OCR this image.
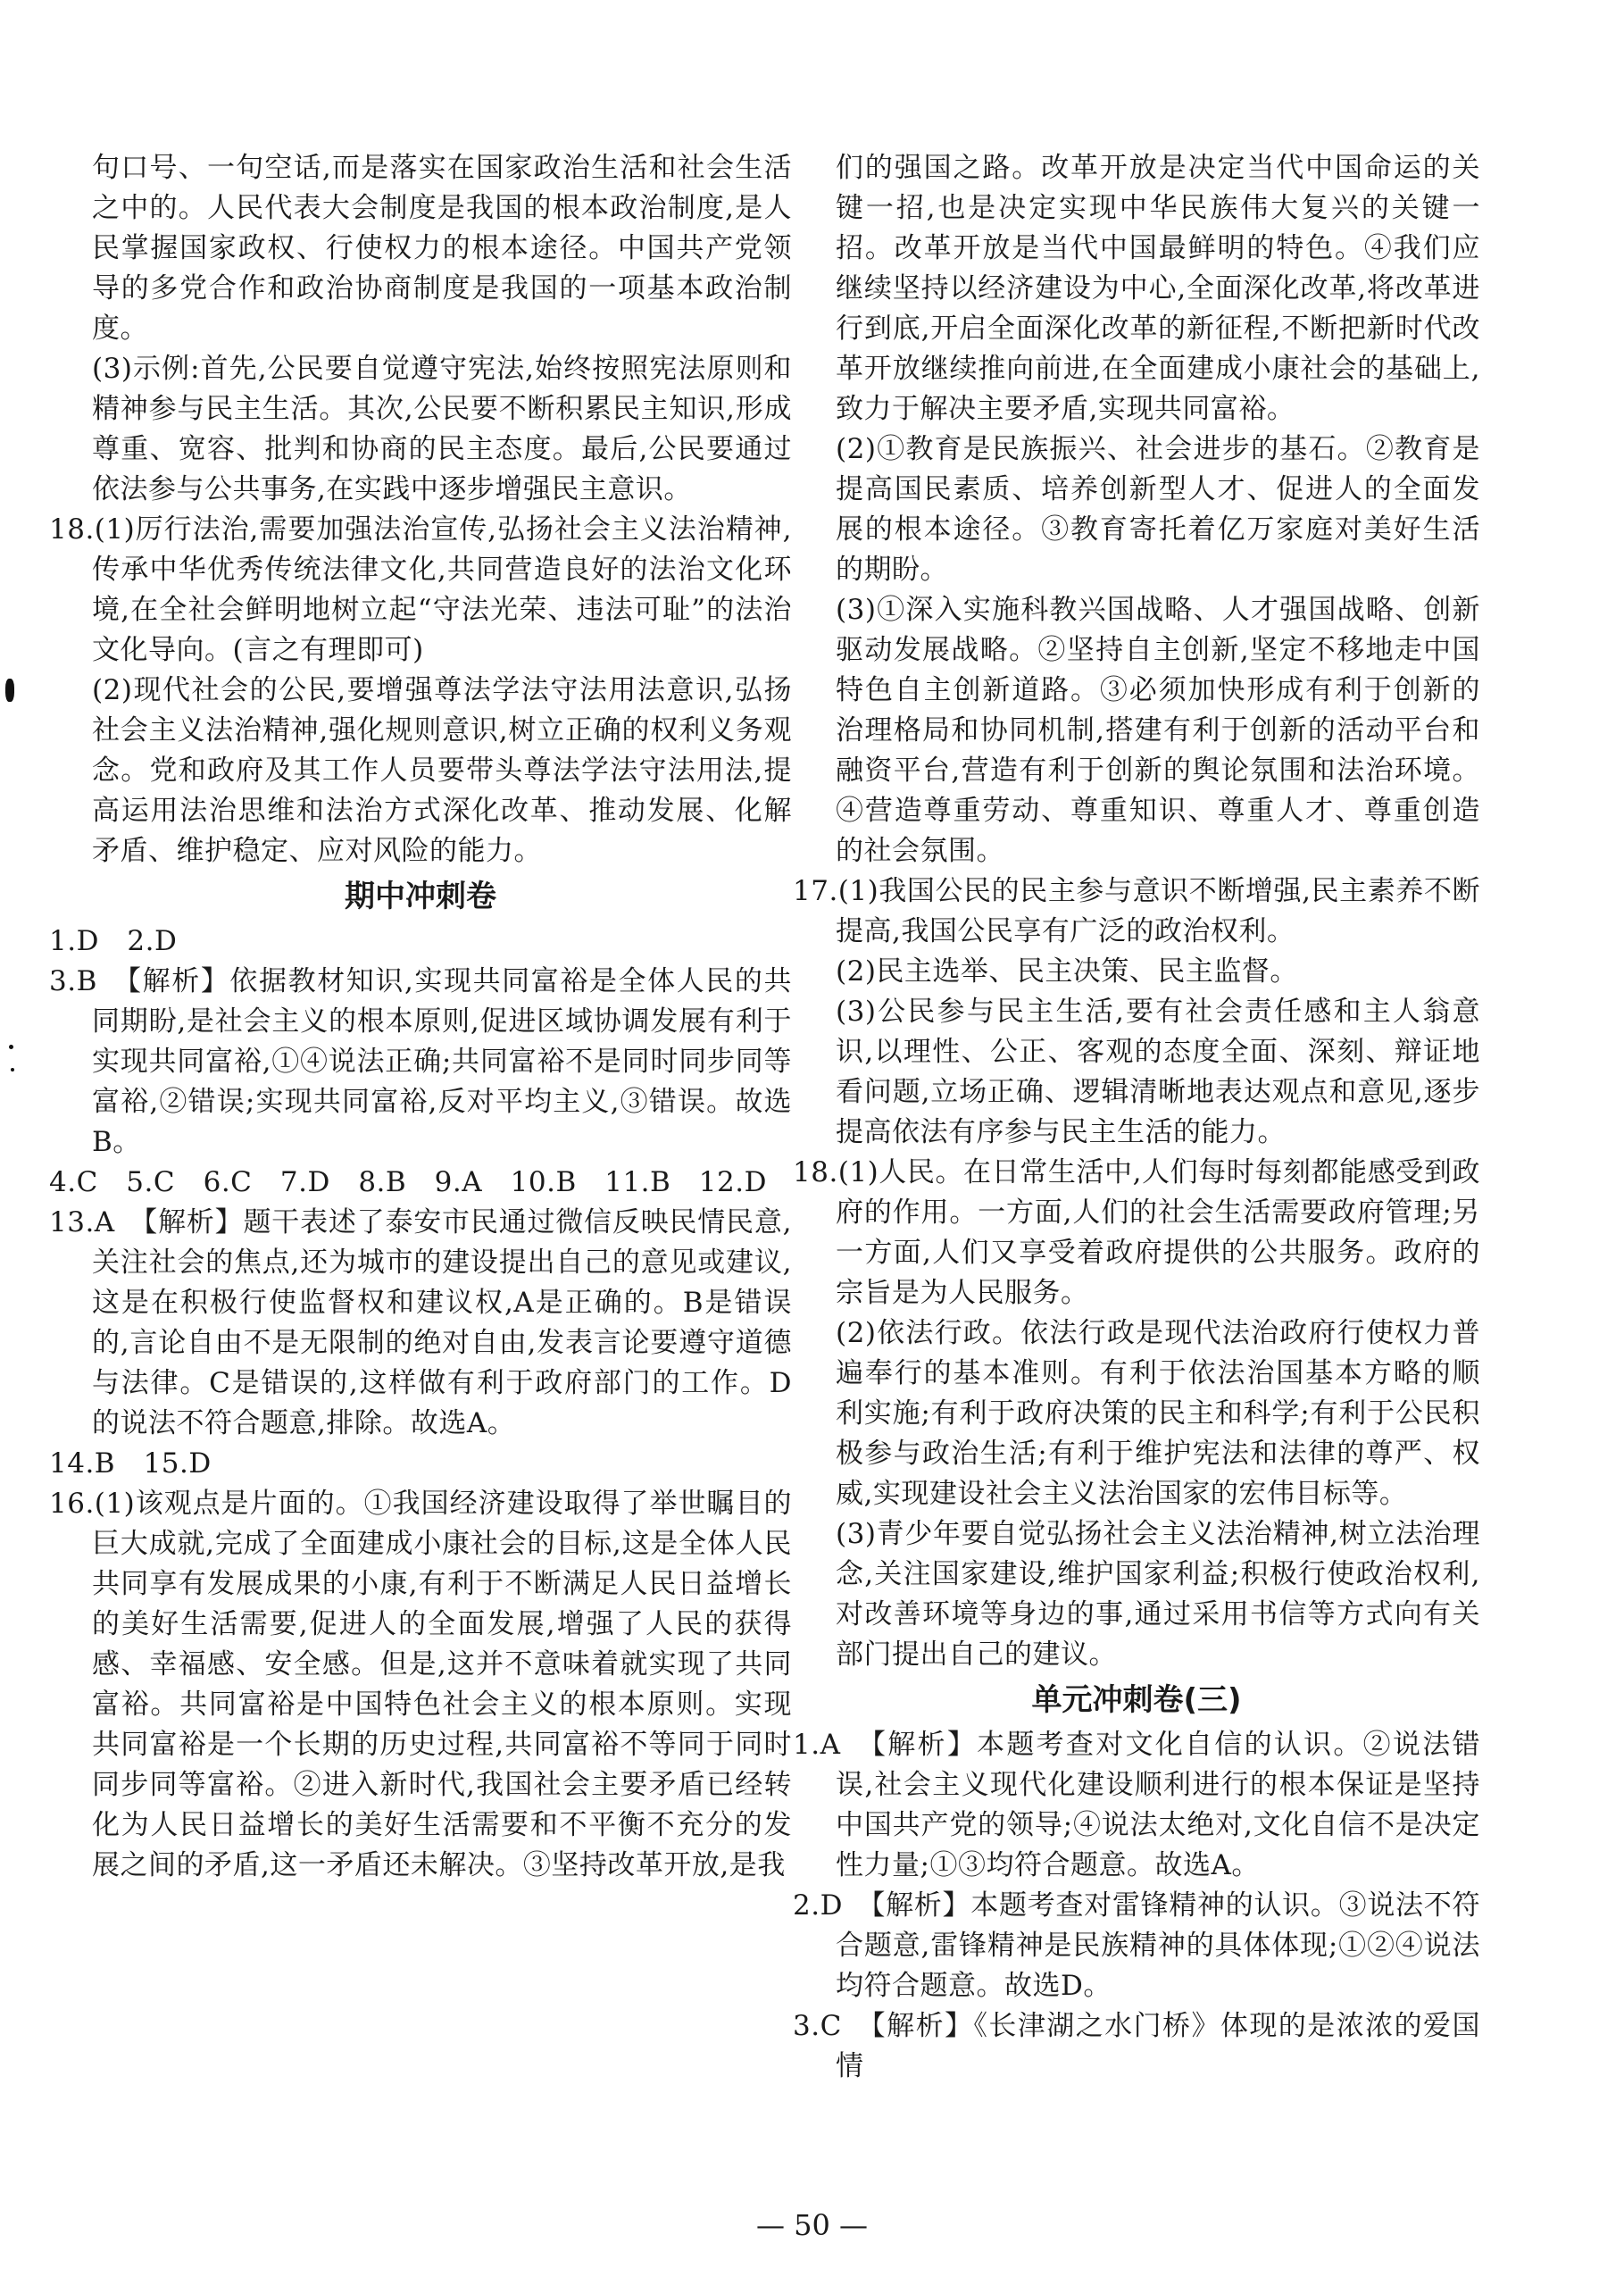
句口号、一句空话,而是落实在国家政治生活和社会生活之中的。人民代表大会制度是我国的根本政治制度,是人民掌握国家政权、行使权力的根本途径。中国共产党领导的多党合作和政治协商制度是我国的一项基本政治制度。
(3)示例:首先,公民要自觉遵守宪法,始终按照宪法原则和精神参与民主生活。其次,公民要不断积累民主知识,形成尊重、宽容、批判和协商的民主态度。最后,公民要通过依法参与公共事务,在实践中逐步增强民主意识。
18.(1)厉行法治,需要加强法治宣传,弘扬社会主义法治精神,传承中华优秀传统法律文化,共同营造良好的法治文化环境,在全社会鲜明地树立起“守法光荣、违法可耻”的法治文化导向。(言之有理即可)
(2)现代社会的公民,要增强尊法学法守法用法意识,弘扬社会主义法治精神,强化规则意识,树立正确的权利义务观念。党和政府及其工作人员要带头尊法学法守法用法,提高运用法治思维和法治方式深化改革、推动发展、化解矛盾、维护稳定、应对风险的能力。
期中冲刺卷
1.D　2.D
3.B　【解析】依据教材知识,实现共同富裕是全体人民的共同期盼,是社会主义的根本原则,促进区域协调发展有利于实现共同富裕,①④说法正确;共同富裕不是同时同步同等富裕,②错误;实现共同富裕,反对平均主义,③错误。故选B。
4.C　5.C　6.C　7.D　8.B　9.A　10.B　11.B　12.D
13.A　【解析】题干表述了泰安市民通过微信反映民情民意,关注社会的焦点,还为城市的建设提出自己的意见或建议,这是在积极行使监督权和建议权,A是正确的。B是错误的,言论自由不是无限制的绝对自由,发表言论要遵守道德与法律。C是错误的,这样做有利于政府部门的工作。D的说法不符合题意,排除。故选A。
14.B　15.D
16.(1)该观点是片面的。①我国经济建设取得了举世瞩目的巨大成就,完成了全面建成小康社会的目标,这是全体人民共同享有发展成果的小康,有利于不断满足人民日益增长的美好生活需要,促进人的全面发展,增强了人民的获得感、幸福感、安全感。但是,这并不意味着就实现了共同富裕。共同富裕是中国特色社会主义的根本原则。实现共同富裕是一个长期的历史过程,共同富裕不等同于同时同步同等富裕。②进入新时代,我国社会主要矛盾已经转化为人民日益增长的美好生活需要和不平衡不充分的发展之间的矛盾,这一矛盾还未解决。③坚持改革开放,是我
们的强国之路。改革开放是决定当代中国命运的关键一招,也是决定实现中华民族伟大复兴的关键一招。改革开放是当代中国最鲜明的特色。④我们应继续坚持以经济建设为中心,全面深化改革,将改革进行到底,开启全面深化改革的新征程,不断把新时代改革开放继续推向前进,在全面建成小康社会的基础上,致力于解决主要矛盾,实现共同富裕。
(2)①教育是民族振兴、社会进步的基石。②教育是提高国民素质、培养创新型人才、促进人的全面发展的根本途径。③教育寄托着亿万家庭对美好生活的期盼。
(3)①深入实施科教兴国战略、人才强国战略、创新驱动发展战略。②坚持自主创新,坚定不移地走中国特色自主创新道路。③必须加快形成有利于创新的治理格局和协同机制,搭建有利于创新的活动平台和融资平台,营造有利于创新的舆论氛围和法治环境。④营造尊重劳动、尊重知识、尊重人才、尊重创造的社会氛围。
17.(1)我国公民的民主参与意识不断增强,民主素养不断提高,我国公民享有广泛的政治权利。
(2)民主选举、民主决策、民主监督。
(3)公民参与民主生活,要有社会责任感和主人翁意识,以理性、公正、客观的态度全面、深刻、辩证地看问题,立场正确、逻辑清晰地表达观点和意见,逐步提高依法有序参与民主生活的能力。
18.(1)人民。在日常生活中,人们每时每刻都能感受到政府的作用。一方面,人们的社会生活需要政府管理;另一方面,人们又享受着政府提供的公共服务。政府的宗旨是为人民服务。
(2)依法行政。依法行政是现代法治政府行使权力普遍奉行的基本准则。有利于依法治国基本方略的顺利实施;有利于政府决策的民主和科学;有利于公民积极参与政治生活;有利于维护宪法和法律的尊严、权威,实现建设社会主义法治国家的宏伟目标等。
(3)青少年要自觉弘扬社会主义法治精神,树立法治理念,关注国家建设,维护国家利益;积极行使政治权利,对改善环境等身边的事,通过采用书信等方式向有关部门提出自己的建议。
单元冲刺卷(三)
1.A　【解析】本题考查对文化自信的认识。②说法错误,社会主义现代化建设顺利进行的根本保证是坚持中国共产党的领导;④说法太绝对,文化自信不是决定性力量;①③均符合题意。故选A。
2.D　【解析】本题考查对雷锋精神的认识。③说法不符合题意,雷锋精神是民族精神的具体体现;①②④说法均符合题意。故选D。
3.C　【解析】《长津湖之水门桥》体现的是浓浓的爱国情
— 50 —
